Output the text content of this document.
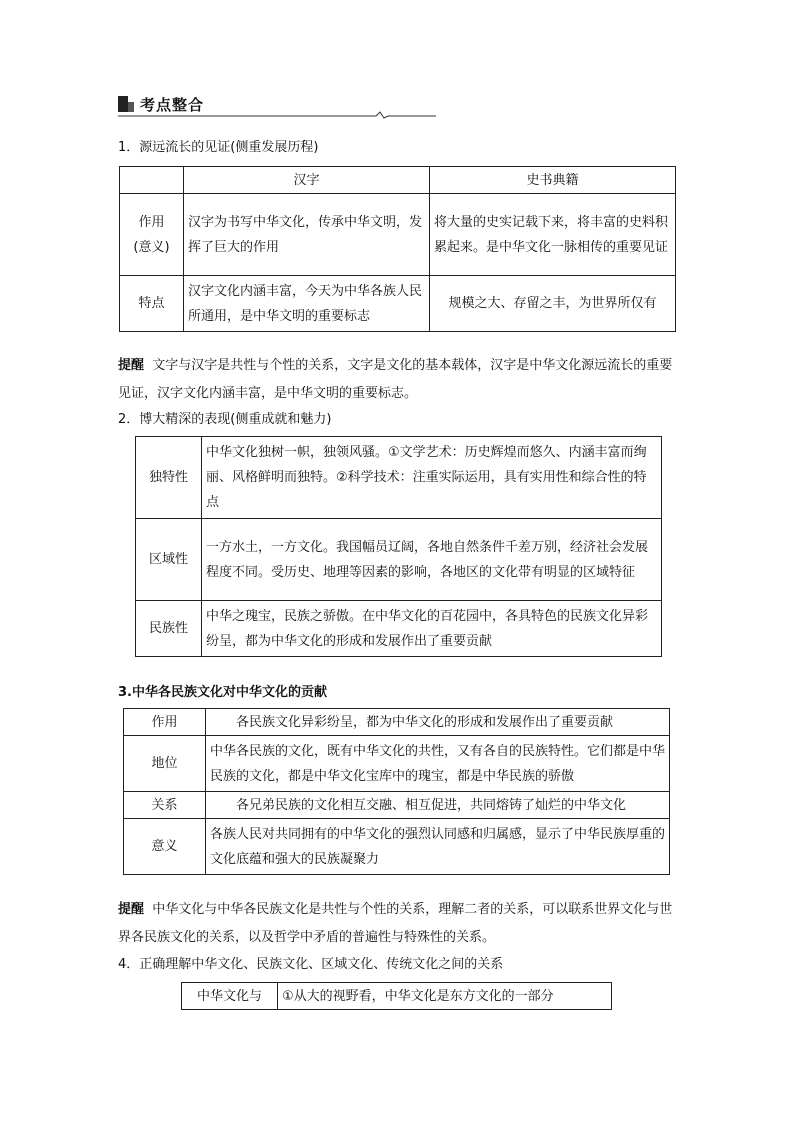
考点整合
1．源远流长的见证(侧重发展历程)
	汉字	史书典籍
作用
(意义)	汉字为书写中华文化，传承中华文明，发挥了巨大的作用	将大量的史实记载下来，将丰富的史料积累起来。是中华文化一脉相传的重要见证
特点	汉字文化内涵丰富，今天为中华各族人民所通用，是中华文明的重要标志	规模之大、存留之丰，为世界所仅有
提醒 文字与汉字是共性与个性的关系，文字是文化的基本载体，汉字是中华文化源远流长的重要见证，汉字文化内涵丰富，是中华文明的重要标志。
2．博大精深的表现(侧重成就和魅力)
独特性	中华文化独树一帜，独领风骚。①文学艺术：历史辉煌而悠久、内涵丰富而绚丽、风格鲜明而独特。②科学技术：注重实际运用，具有实用性和综合性的特点
区域性	一方水土，一方文化。我国幅员辽阔，各地自然条件千差万别，经济社会发展程度不同。受历史、地理等因素的影响，各地区的文化带有明显的区域特征
民族性	中华之瑰宝，民族之骄傲。在中华文化的百花园中，各具特色的民族文化异彩纷呈，都为中华文化的形成和发展作出了重要贡献
3.中华各民族文化对中华文化的贡献
作用	各民族文化异彩纷呈，都为中华文化的形成和发展作出了重要贡献
地位	中华各民族的文化，既有中华文化的共性，又有各自的民族特性。它们都是中华民族的文化，都是中华文化宝库中的瑰宝，都是中华民族的骄傲
关系	各兄弟民族的文化相互交融、相互促进，共同熔铸了灿烂的中华文化
意义	各族人民对共同拥有的中华文化的强烈认同感和归属感，显示了中华民族厚重的文化底蕴和强大的民族凝聚力
提醒 中华文化与中华各民族文化是共性与个性的关系，理解二者的关系，可以联系世界文化与世界各民族文化的关系，以及哲学中矛盾的普遍性与特殊性的关系。
4．正确理解中华文化、民族文化、区域文化、传统文化之间的关系
中华文化与	①从大的视野看，中华文化是东方文化的一部分
